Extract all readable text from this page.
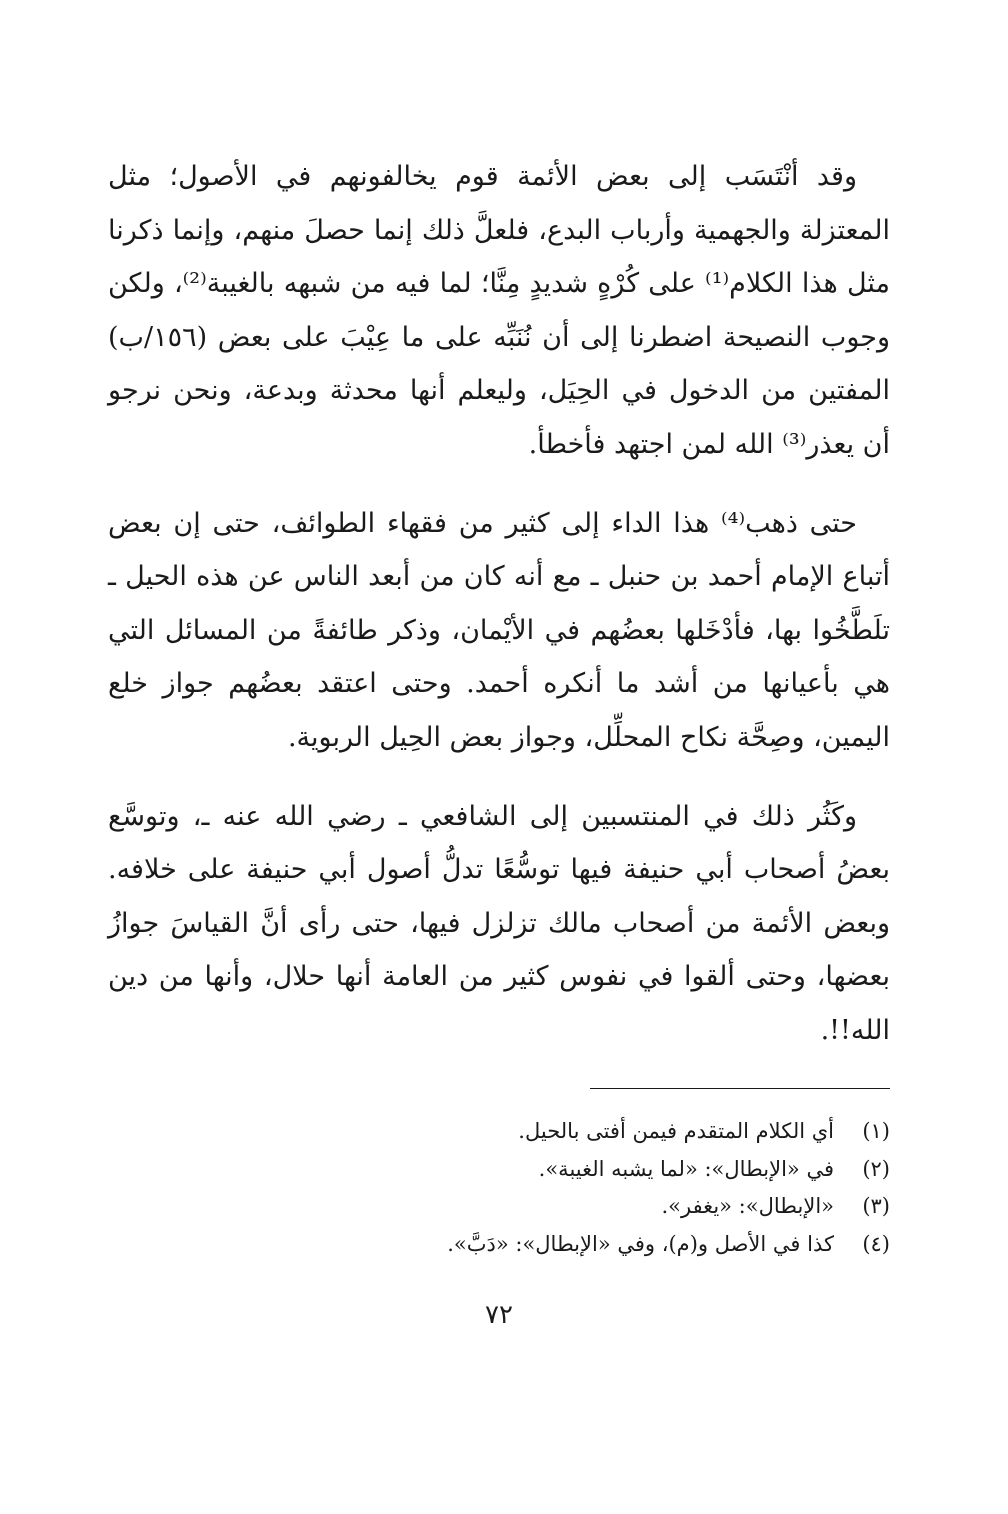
وقد أنْتَسَب إلى بعض الأئمة قوم يخالفونهم في الأصول؛ مثل المعتزلة والجهمية وأرباب البدع، فلعلَّ ذلك إنما حصلَ منهم، وإنما ذكرنا مثل هذا الكلام⁽¹⁾ على كُرْهٍ شديدٍ مِنَّا؛ لما فيه من شبهه بالغيبة⁽²⁾، ولكن وجوب النصيحة اضطرنا إلى أن نُنَبِّه على ما عِيْبَ على بعض (١٥٦/ب) المفتين من الدخول في الحِيَل، وليعلم أنها محدثة وبدعة، ونحن نرجو أن يعذر⁽³⁾ الله لمن اجتهد فأخطأ.

حتى ذهب⁽⁴⁾ هذا الداء إلى كثير من فقهاء الطوائف، حتى إن بعض أتباع الإمام أحمد بن حنبل ـ مع أنه كان من أبعد الناس عن هذه الحيل ـ تلَطَّخُوا بها، فأدْخَلها بعضُهم في الأيْمان، وذكر طائفةً من المسائل التي هي بأعيانها من أشد ما أنكره أحمد. وحتى اعتقد بعضُهم جواز خلع اليمين، وصِحَّة نكاح المحلِّل، وجواز بعض الحِيل الربوية.

وكَثُر ذلك في المنتسبين إلى الشافعي ـ رضي الله عنه ـ، وتوسَّع بعضُ أصحاب أبي حنيفة فيها توسُّعًا تدلُّ أصول أبي حنيفة على خلافه. وبعض الأئمة من أصحاب مالك تزلزل فيها، حتى رأى أنَّ القياسَ جوازُ بعضها، وحتى ألقوا في نفوس كثير من العامة أنها حلال، وأنها من دين الله!!.

(١)
أي الكلام المتقدم فيمن أفتى بالحيل.
(٢)
في «الإبطال»: «لما يشبه الغيبة».
(٣)
«الإبطال»: «يغفر».
(٤)
كذا في الأصل و(م)، وفي «الإبطال»: «دَبَّ».
٧٢
